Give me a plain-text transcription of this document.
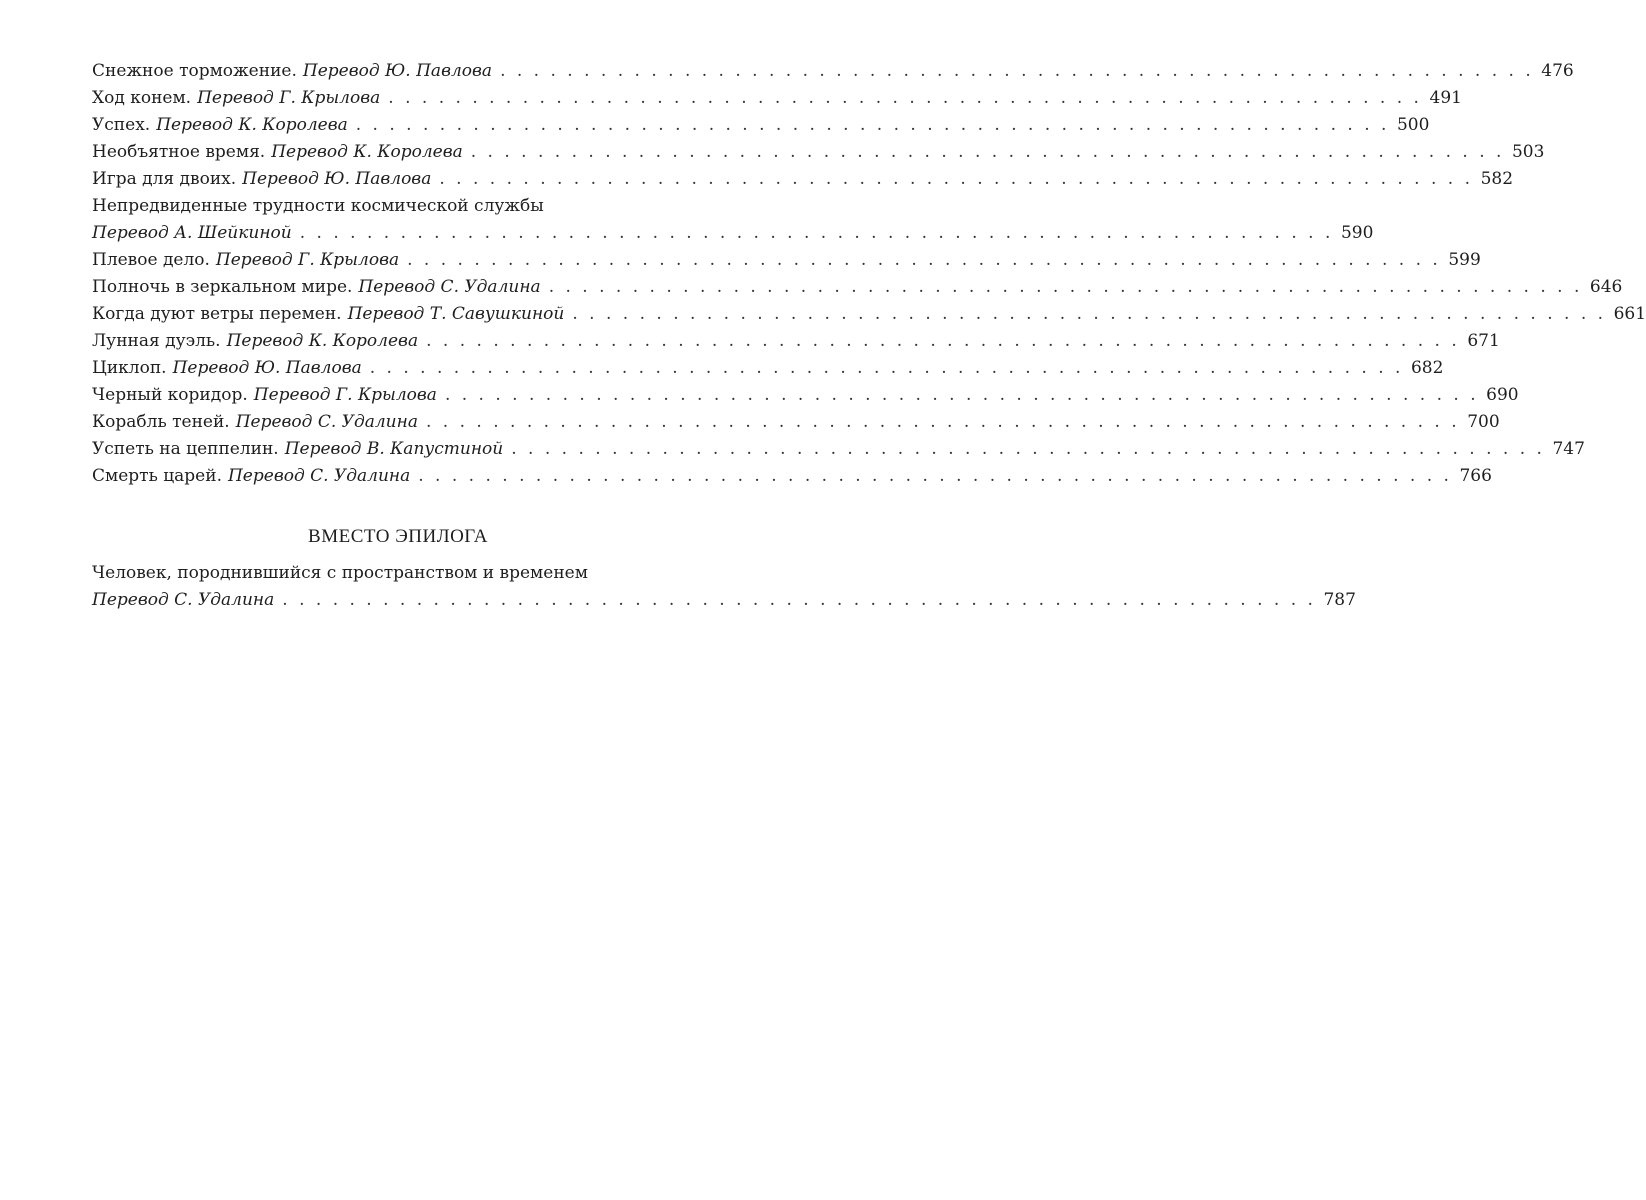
Снежное торможение. Перевод Ю. Павлова . . . . . . . . . . . . . . . . . . . . . . . . . . . . . . . . . . . . . . . . . . . . . . . . . . . . . . . . . . . . . . 476
Ход конем. Перевод Г. Крылова . . . . . . . . . . . . . . . . . . . . . . . . . . . . . . . . . . . . . . . . . . . . . . . . . . . . . . . . . . . . . . 491
Успех. Перевод К. Королева . . . . . . . . . . . . . . . . . . . . . . . . . . . . . . . . . . . . . . . . . . . . . . . . . . . . . . . . . . . . . . 500
Необъятное время. Перевод К. Королева . . . . . . . . . . . . . . . . . . . . . . . . . . . . . . . . . . . . . . . . . . . . . . . . . . . . . . . . . . . . . . 503
Игра для двоих. Перевод Ю. Павлова . . . . . . . . . . . . . . . . . . . . . . . . . . . . . . . . . . . . . . . . . . . . . . . . . . . . . . . . . . . . . . 582
Непредвиденные трудности космической службы
Перевод А. Шейкиной . . . . . . . . . . . . . . . . . . . . . . . . . . . . . . . . . . . . . . . . . . . . . . . . . . . . . . . . . . . . . . 590
Плевое дело. Перевод Г. Крылова . . . . . . . . . . . . . . . . . . . . . . . . . . . . . . . . . . . . . . . . . . . . . . . . . . . . . . . . . . . . . . 599
Полночь в зеркальном мире. Перевод С. Удалина . . . . . . . . . . . . . . . . . . . . . . . . . . . . . . . . . . . . . . . . . . . . . . . . . . . . . . . . . . . . . . 646
Когда дуют ветры перемен. Перевод Т. Савушкиной . . . . . . . . . . . . . . . . . . . . . . . . . . . . . . . . . . . . . . . . . . . . . . . . . . . . . . . . . . . . . . 661
Лунная дуэль. Перевод К. Королева . . . . . . . . . . . . . . . . . . . . . . . . . . . . . . . . . . . . . . . . . . . . . . . . . . . . . . . . . . . . . . 671
Циклоп. Перевод Ю. Павлова . . . . . . . . . . . . . . . . . . . . . . . . . . . . . . . . . . . . . . . . . . . . . . . . . . . . . . . . . . . . . . 682
Черный коридор. Перевод Г. Крылова . . . . . . . . . . . . . . . . . . . . . . . . . . . . . . . . . . . . . . . . . . . . . . . . . . . . . . . . . . . . . . 690
Корабль теней. Перевод С. Удалина . . . . . . . . . . . . . . . . . . . . . . . . . . . . . . . . . . . . . . . . . . . . . . . . . . . . . . . . . . . . . . 700
Успеть на цеппелин. Перевод В. Капустиной . . . . . . . . . . . . . . . . . . . . . . . . . . . . . . . . . . . . . . . . . . . . . . . . . . . . . . . . . . . . . . 747
Смерть царей. Перевод С. Удалина . . . . . . . . . . . . . . . . . . . . . . . . . . . . . . . . . . . . . . . . . . . . . . . . . . . . . . . . . . . . . . 766
ВМЕСТО ЭПИЛОГА
Человек, породнившийся с пространством и временем
Перевод С. Удалина . . . . . . . . . . . . . . . . . . . . . . . . . . . . . . . . . . . . . . . . . . . . . . . . . . . . . . . . . . . . . . 787
